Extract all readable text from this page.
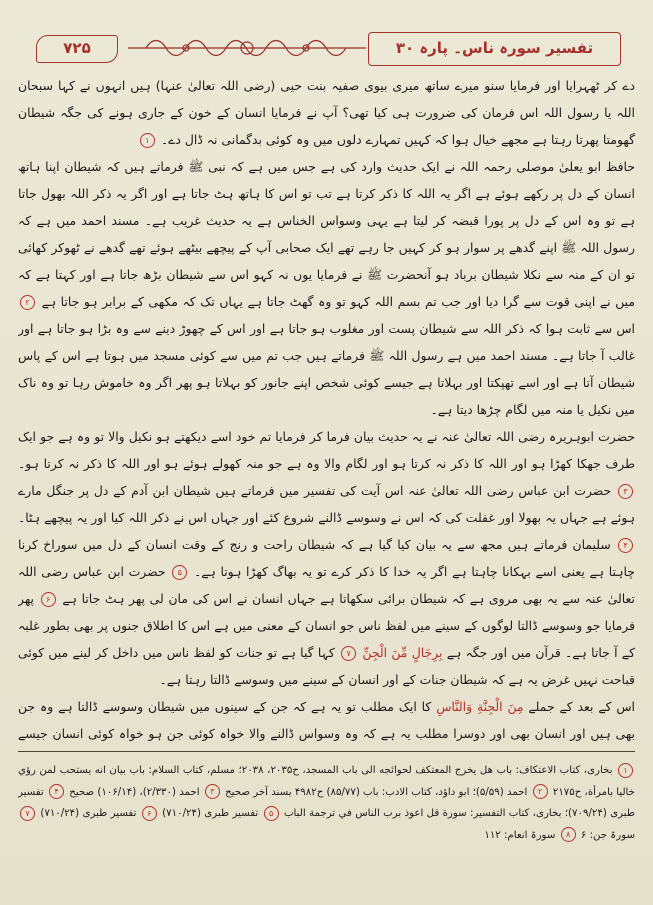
۷۲۵	تفسیر سورہ ناس۔ پارہ ۳۰

دے کر ٹھہرایا اور فرمایا سنو میرے ساتھ میری بیوی صفیہ بنت حیی (رضی اللہ تعالیٰ عنہا) ہیں انہوں نے کہا سبحان اللہ یا رسول اللہ اس فرمان کی ضرورت ہی کیا تھی؟ آپ نے فرمایا انسان کے خون کے جاری ہونے کی جگہ شیطان گھومتا پھرتا رہتا ہے مجھے خیال ہوا کہ کہیں تمہارے دلوں میں وہ کوئی بدگمانی نہ ڈال دے۔ ۱

حافظ ابو یعلیٰ موصلی رحمہ اللہ نے ایک حدیث وارد کی ہے جس میں ہے کہ نبی ﷺ فرماتے ہیں کہ شیطان اپنا ہاتھ انسان کے دل پر رکھے ہوئے ہے اگر یہ اللہ کا ذکر کرتا ہے تب تو اس کا ہاتھ ہٹ جاتا ہے اور اگر یہ ذکر اللہ بھول جاتا ہے تو وہ اس کے دل پر پورا قبضہ کر لیتا ہے یہی وسواس الخناس ہے یہ حدیث غریب ہے۔ مسند احمد میں ہے کہ رسول اللہ ﷺ اپنے گدھے پر سوار ہو کر کہیں جا رہے تھے ایک صحابی آپ کے پیچھے بیٹھے ہوئے تھے گدھے نے ٹھوکر کھائی تو ان کے منہ سے نکلا شیطان برباد ہو آنحضرت ﷺ نے فرمایا یوں نہ کہو اس سے شیطان بڑھ جاتا ہے اور کہتا ہے کہ میں نے اپنی قوت سے گرا دیا اور جب تم بسم اللہ کہو تو وہ گھٹ جاتا ہے یہاں تک کہ مکھی کے برابر ہو جاتا ہے ۲ اس سے ثابت ہوا کہ ذکر اللہ سے شیطان پست اور مغلوب ہو جاتا ہے اور اس کے چھوڑ دینے سے وہ بڑا ہو جاتا ہے اور غالب آ جاتا ہے۔ مسند احمد میں ہے رسول اللہ ﷺ فرماتے ہیں جب تم میں سے کوئی مسجد میں ہوتا ہے اس کے پاس شیطان آتا ہے اور اسے تھپکتا اور بہلاتا ہے جیسے کوئی شخص اپنے جانور کو بہلاتا ہو پھر اگر وہ خاموش رہا تو وہ ناک میں نکیل یا منہ میں لگام چڑھا دیتا ہے۔

حضرت ابوہریرہ رضی اللہ تعالیٰ عنہ نے یہ حدیث بیان فرما کر فرمایا تم خود اسے دیکھتے ہو نکیل والا تو وہ ہے جو ایک طرف جھکا کھڑا ہو اور اللہ کا ذکر نہ کرتا ہو اور لگام والا وہ ہے جو منہ کھولے ہوئے ہو اور اللہ کا ذکر نہ کرتا ہو۔ ۳ حضرت ابن عباس رضی اللہ تعالیٰ عنہ اس آیت کی تفسیر میں فرماتے ہیں شیطان ابن آدم کے دل پر جنگل مارے ہوئے ہے جہاں یہ بھولا اور غفلت کی کہ اس نے وسوسے ڈالنے شروع کئے اور جہاں اس نے ذکر اللہ کیا اور یہ پیچھے ہٹا۔ ۴ سلیمان فرماتے ہیں مجھ سے یہ بیان کیا گیا ہے کہ شیطان راحت و رنج کے وقت انسان کے دل میں سوراخ کرنا چاہتا ہے یعنی اسے بہکانا چاہتا ہے اگر یہ خدا کا ذکر کرے تو یہ بھاگ کھڑا ہوتا ہے۔ ۵ حضرت ابن عباس رضی اللہ تعالیٰ عنہ سے یہ بھی مروی ہے کہ شیطان برائی سکھاتا ہے جہاں انسان نے اس کی مان لی پھر ہٹ جاتا ہے ۶ پھر فرمایا جو وسوسے ڈالتا لوگوں کے سینے میں لفظ ناس جو انسان کے معنی میں ہے اس کا اطلاق جنوں پر بھی بطور غلبہ کے آ جاتا ہے۔ قرآن میں اور جگہ ہے بِرِجَالٍ مِّنَ الْجِنِّ ۷ کہا گیا ہے تو جنات کو لفظ ناس میں داخل کر لینے میں کوئی قباحت نہیں غرض یہ ہے کہ شیطان جنات کے اور انسان کے سینے میں وسوسے ڈالتا رہتا ہے۔

اس کے بعد کے جملے مِنَ الْجِنَّةِ وَالنَّاسِ کا ایک مطلب تو یہ ہے کہ جن کے سینوں میں شیطان وسوسے ڈالتا ہے وہ جن بھی ہیں اور انسان بھی اور دوسرا مطلب یہ ہے کہ وہ وسواس ڈالنے والا خواہ کوئی جن ہو خواہ کوئی انسان جیسے

۱ بخاری، كتاب الاعتكاف: باب هل يخرج المعتكف لحوائجه الى باب المسجد، ح۲۰۳۵، ۲۰۳۸؛ مسلم، كتاب السلام: باب بيان انه يستحب لمن رؤي خاليا بامرأة، ح۲۱۷۵ ۲ احمد (۵/۵۹)؛ ابو داؤد، كتاب الادب: باب (۸۵/۷۷) ح۴۹۸۲ بسند آخر صحيح ۳ احمد (۲/۳۳۰)، (۱۰۶/۱۴) صحيح ۴ تفسير طبری (۷۰۹/۲۴)؛ بخاری، كتاب التفسير: سورة قل اعوذ برب الناس في ترجمة الباب ۵ تفسير طبری (۷۱۰/۲۴) ۶ تفسير طبری (۷۱۰/۲۴) ۷ سورۃ جن: ۶ ۸ سورۃ انعام: ۱۱۲
